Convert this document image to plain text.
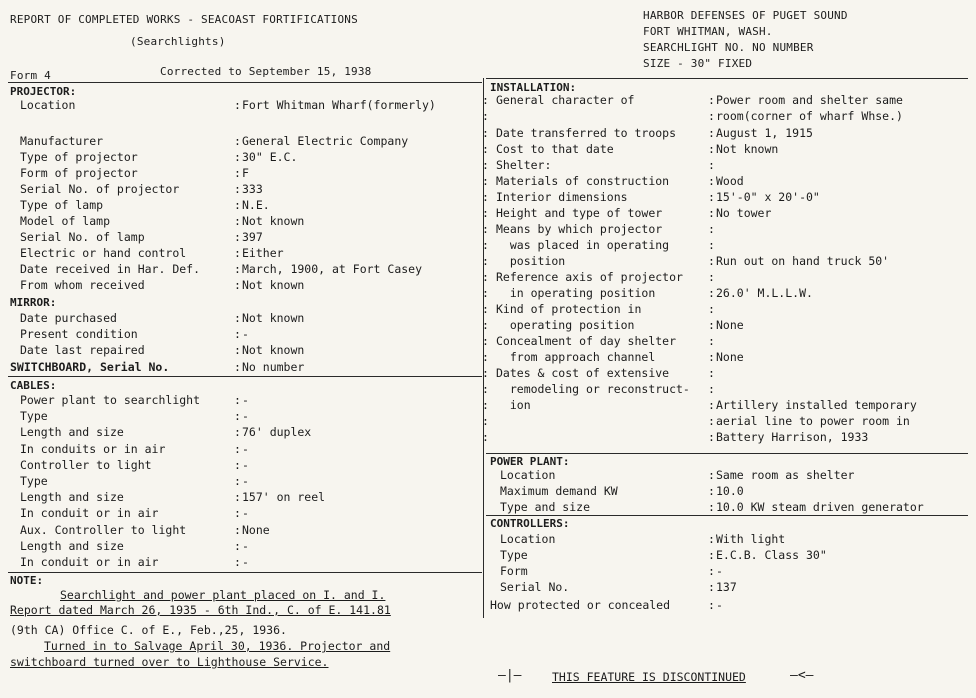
REPORT OF COMPLETED WORKS - SEACOAST FORTIFICATIONS
(Searchlights)
HARBOR DEFENSES OF PUGET SOUND
FORT WHITMAN, WASH.
SEARCHLIGHT NO. NO NUMBER
SIZE - 30" FIXED
Form 4	Corrected to September 15, 1938
—|—	THIS FEATURE IS DISCONTINUED	—<—
PROJECTOR:
Location	: Fort Whitman Wharf(formerly)
Manufacturer	: General Electric Company
Type of projector	: 30" E.C.
Form of projector	: F
Serial No. of projector	: 333
Type of lamp	: N.E.
Model of lamp	: Not known
Serial No. of lamp	: 397
Electric or hand control	: Either
Date received in Har. Def.	: March, 1900, at Fort Casey
From whom received	: Not known
MIRROR:
Date purchased	: Not known
Present condition	: -
Date last repaired	: Not known
SWITCHBOARD, Serial No.	: No number
CABLES:
Power plant to searchlight	: -
Type	: -
Length and size	: 76' duplex
In conduits or in air	: -
Controller to light	: -
Type	: -
Length and size	: 157' on reel
In conduit or in air	: -
Aux. Controller to light	: None
Length and size	: -
In conduit or in air	: -
NOTE:
Searchlight and power plant placed on I. and I.
Report dated March 26, 1935 - 6th Ind., C. of E. 141.81
(9th CA) Office C. of E., Feb.,25, 1936.
Turned in to Salvage April 30, 1936. Projector and
switchboard turned over to Lighthouse Service.
INSTALLATION:
: General character of	: Power room and shelter same
:	: room(corner of wharf Whse.)
: Date transferred to troops	: August 1, 1915
: Cost to that date	: Not known
: Shelter:	:
: Materials of construction	: Wood
: Interior dimensions	: 15'-0" x 20'-0"
: Height and type of tower	: No tower
: Means by which projector	:
: was placed in operating	:
: position	: Run out on hand truck 50'
: Reference axis of projector :
: in operating position	: 26.0' M.L.L.W.
: Kind of protection in	:
: operating position	: None
: Concealment of day shelter	:
: from approach channel	: None
: Dates & cost of extensive	:
: remodeling or reconstruct- :
: ion	: Artillery installed temporary
:	: aerial line to power room in
:	: Battery Harrison, 1933
POWER PLANT:
Location	: Same room as shelter
Maximum demand KW	: 10.0
Type and size	: 10.0 KW steam driven generator
CONTROLLERS:
Location	: With light
Type	: E.C.B. Class 30"
Form	: -
Serial No.	: 137
How protected or concealed	: -
